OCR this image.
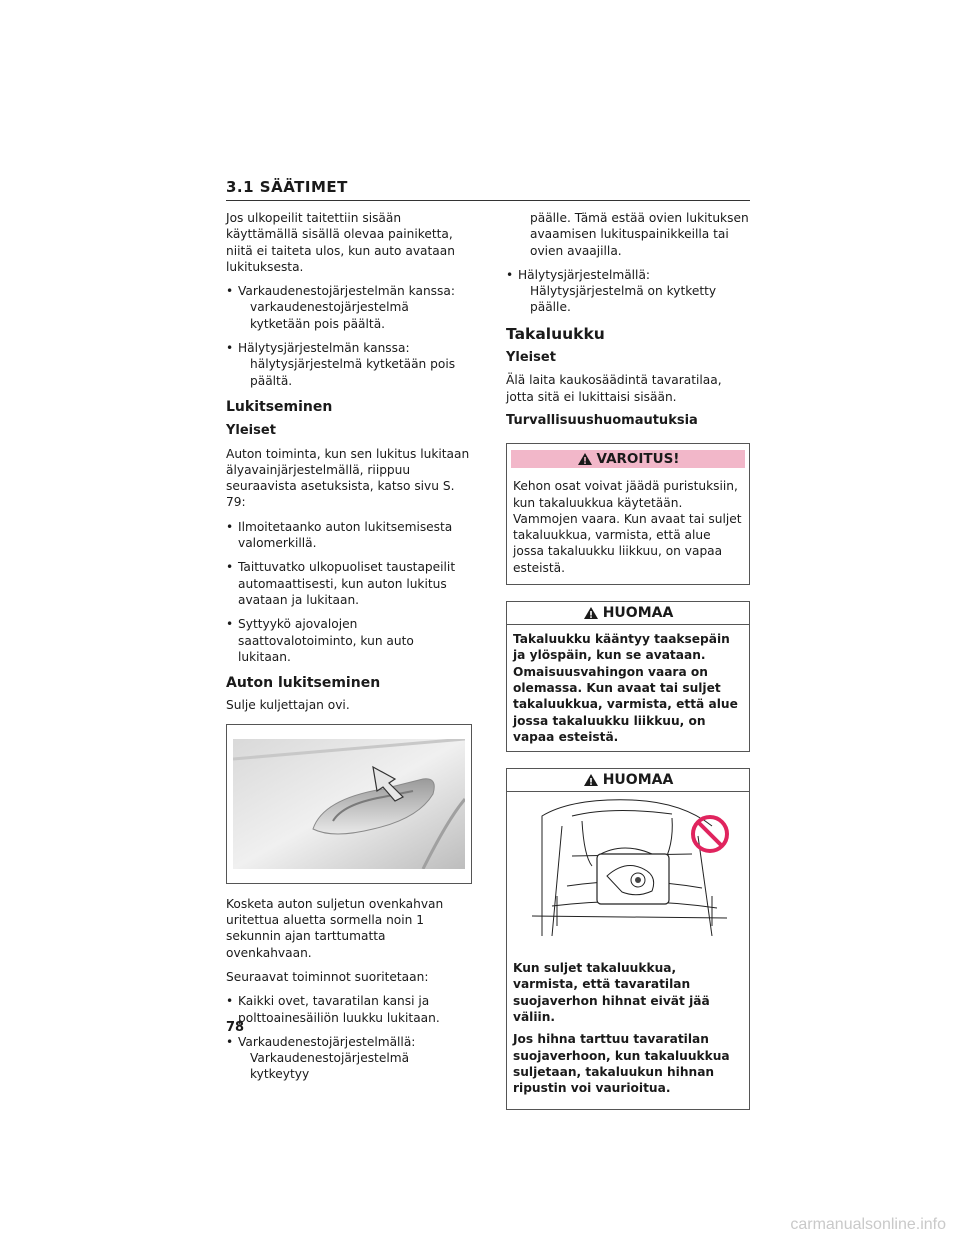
3.1 SÄÄTIMET

Jos ulkopeilit taitettiin sisään käyttämällä sisällä olevaa painiketta, niitä ei taiteta ulos, kun auto avataan lukituksesta.

• Varkaudenestojärjestelmän kanssa:
varkaudenestojärjestelmä kytketään pois päältä.
• Hälytysjärjestelmän kanssa:
hälytysjärjestelmä kytketään pois päältä.
Lukitseminen
Yleiset

Auton toiminta, kun sen lukitus lukitaan älyavainjärjestelmällä, riippuu seuraavista asetuksista, katso sivu S. 79:

• Ilmoitetaanko auton lukitsemisesta valomerkillä.
• Taittuvatko ulkopuoliset taustapeilit automaattisesti, kun auton lukitus avataan ja lukitaan.
• Syttyykö ajovalojen saattovalotoiminto, kun auto lukitaan.
Auton lukitseminen

Sulje kuljettajan ovi.

Kosketa auton suljetun ovenkahvan uritettua aluetta sormella noin 1 sekunnin ajan tarttumatta ovenkahvaan.

Seuraavat toiminnot suoritetaan:

• Kaikki ovet, tavaratilan kansi ja polttoainesäiliön luukku lukitaan.
• Varkaudenestojärjestelmällä:
Varkaudenestojärjestelmä kytkeytyy

päälle. Tämä estää ovien lukituksen avaamisen lukituspainikkeilla tai ovien avaajilla.

• Hälytysjärjestelmällä:
Hälytysjärjestelmä on kytketty päälle.
Takaluukku
Yleiset

Älä laita kaukosäädintä tavaratilaa, jotta sitä ei lukittaisi sisään.

Turvallisuushuomautuksia
VAROITUS!
Kehon osat voivat jäädä puristuksiin, kun takaluukkua käytetään. Vammojen vaara. Kun avaat tai suljet takaluukkua, varmista, että alue jossa takaluukku liikkuu, on vapaa esteistä.
HUOMAA
Takaluukku kääntyy taaksepäin ja ylöspäin, kun se avataan. Omaisuusvahingon vaara on olemassa. Kun avaat tai suljet takaluukkua, varmista, että alue jossa takaluukku liikkuu, on vapaa esteistä.
HUOMAA

Kun suljet takaluukkua, varmista, että tavaratilan suojaverhon hihnat eivät jää väliin.

Jos hihna tarttuu tavaratilan suojaverhoon, kun takaluukkua suljetaan, takaluukun hihnan ripustin voi vaurioitua.

78
carmanualsonline.info
